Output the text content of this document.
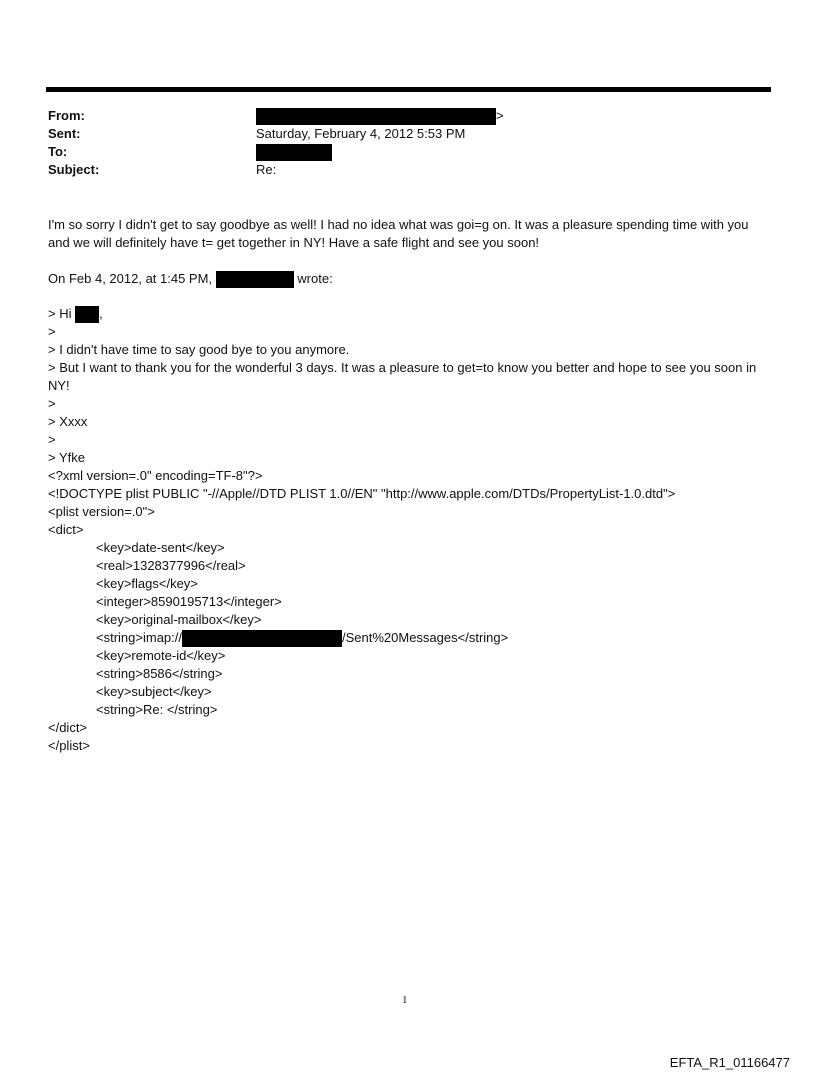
From:	>
Sent:	Saturday, February 4, 2012 5:53 PM
To:
Subject:	Re:
I'm so sorry I didn't get to say goodbye as well! I had no idea what was goi=g on. It was a pleasure spending time with you and we will definitely have t= get together in NY! Have a safe flight and see you soon!
On Feb 4, 2012, at 1:45 PM,	wrote:
> Hi ,
>
> I didn't have time to say good bye to you anymore.
> But I want to thank you for the wonderful 3 days. It was a pleasure to get=to know you better and hope to see you soon in NY!
>
> Xxxx
>
> Yfke
<?xml version=.0" encoding=TF-8"?>
<!DOCTYPE plist PUBLIC "-//Apple//DTD PLIST 1.0//EN" "http://www.apple.com/DTDs/PropertyList-1.0.dtd">
<plist version=.0">
<dict>
<key>date-sent</key>
<real>1328377996</real>
<key>flags</key>
<integer>8590195713</integer>
<key>original-mailbox</key>
<string>imap://	/Sent%20Messages</string>
<key>remote-id</key>
<string>8586</string>
<key>subject</key>
<string>Re: </string>
</dict>
</plist>
1
EFTA_R1_01166477
